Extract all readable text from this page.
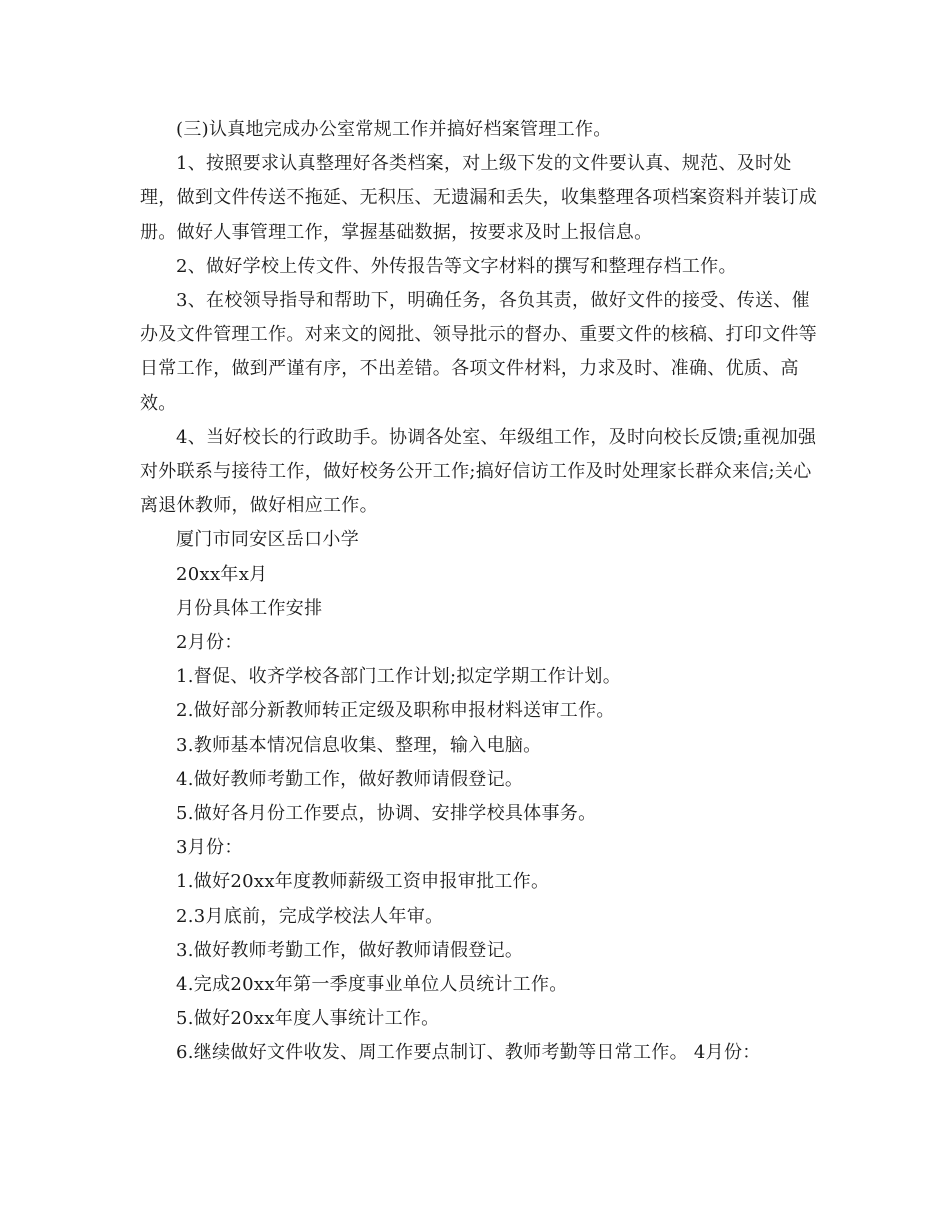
(三)认真地完成办公室常规工作并搞好档案管理工作。

1、按照要求认真整理好各类档案，对上级下发的文件要认真、规范、及时处理，做到文件传送不拖延、无积压、无遗漏和丢失，收集整理各项档案资料并装订成册。做好人事管理工作，掌握基础数据，按要求及时上报信息。

2、做好学校上传文件、外传报告等文字材料的撰写和整理存档工作。

3、在校领导指导和帮助下，明确任务，各负其责，做好文件的接受、传送、催办及文件管理工作。对来文的阅批、领导批示的督办、重要文件的核稿、打印文件等日常工作，做到严谨有序，不出差错。各项文件材料，力求及时、准确、优质、高效。

4、当好校长的行政助手。协调各处室、年级组工作，及时向校长反馈;重视加强对外联系与接待工作，做好校务公开工作;搞好信访工作及时处理家长群众来信;关心离退休教师，做好相应工作。

厦门市同安区岳口小学

20xx年x月

月份具体工作安排

2月份：

1.督促、收齐学校各部门工作计划;拟定学期工作计划。

2.做好部分新教师转正定级及职称申报材料送审工作。

3.教师基本情况信息收集、整理，输入电脑。

4.做好教师考勤工作，做好教师请假登记。

5.做好各月份工作要点，协调、安排学校具体事务。

3月份：

1.做好20xx年度教师薪级工资申报审批工作。

2.3月底前，完成学校法人年审。

3.做好教师考勤工作，做好教师请假登记。

4.完成20xx年第一季度事业单位人员统计工作。

5.做好20xx年度人事统计工作。

6.继续做好文件收发、周工作要点制订、教师考勤等日常工作。 4月份：
